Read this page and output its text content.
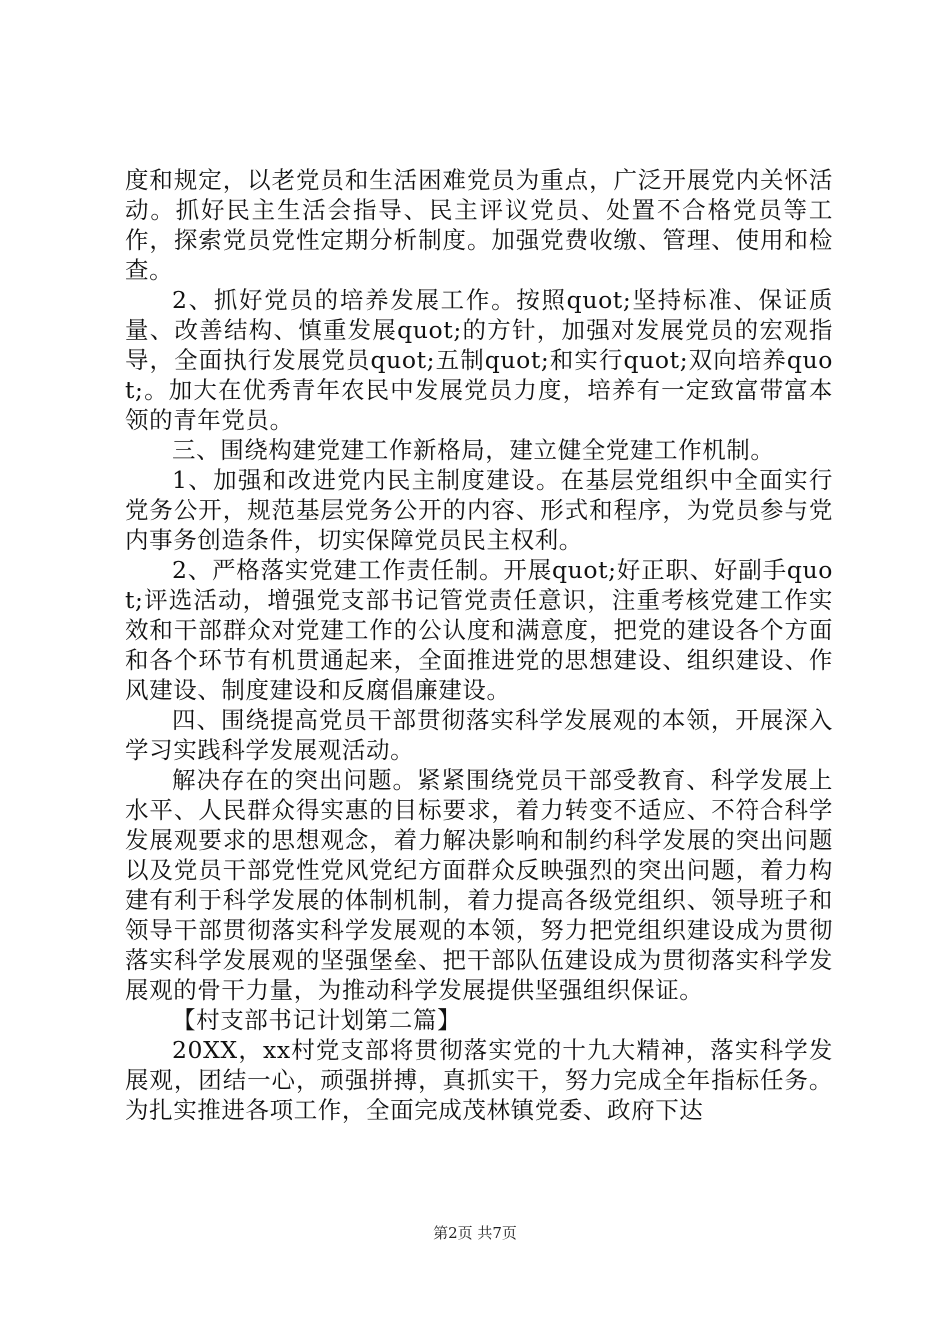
度和规定，以老党员和生活困难党员为重点，广泛开展党内关怀活动。抓好民主生活会指导、民主评议党员、处置不合格党员等工作，探索党员党性定期分析制度。加强党费收缴、管理、使用和检查。

2、抓好党员的培养发展工作。按照quot;坚持标准、保证质量、改善结构、慎重发展quot;的方针，加强对发展党员的宏观指导，全面执行发展党员quot;五制quot;和实行quot;双向培养quot;。加大在优秀青年农民中发展党员力度，培养有一定致富带富本领的青年党员。

三、围绕构建党建工作新格局，建立健全党建工作机制。

1、加强和改进党内民主制度建设。在基层党组织中全面实行党务公开，规范基层党务公开的内容、形式和程序，为党员参与党内事务创造条件，切实保障党员民主权利。

2、严格落实党建工作责任制。开展quot;好正职、好副手quot;评选活动，增强党支部书记管党责任意识，注重考核党建工作实效和干部群众对党建工作的公认度和满意度，把党的建设各个方面和各个环节有机贯通起来，全面推进党的思想建设、组织建设、作风建设、制度建设和反腐倡廉建设。

四、围绕提高党员干部贯彻落实科学发展观的本领，开展深入学习实践科学发展观活动。

解决存在的突出问题。紧紧围绕党员干部受教育、科学发展上水平、人民群众得实惠的目标要求，着力转变不适应、不符合科学发展观要求的思想观念，着力解决影响和制约科学发展的突出问题以及党员干部党性党风党纪方面群众反映强烈的突出问题，着力构建有利于科学发展的体制机制，着力提高各级党组织、领导班子和领导干部贯彻落实科学发展观的本领，努力把党组织建设成为贯彻落实科学发展观的坚强堡垒、把干部队伍建设成为贯彻落实科学发展观的骨干力量，为推动科学发展提供坚强组织保证。

【村支部书记计划第二篇】

20XX，xx村党支部将贯彻落实党的十九大精神，落实科学发展观，团结一心，顽强拼搏，真抓实干，努力完成全年指标任务。为扎实推进各项工作，全面完成茂林镇党委、政府下达

第2页 共7页
